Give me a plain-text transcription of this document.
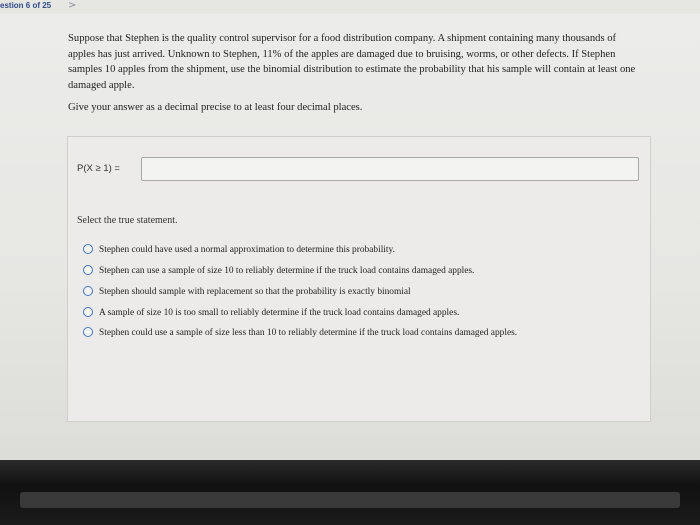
estion 6 of 25 >
Suppose that Stephen is the quality control supervisor for a food distribution company. A shipment containing many thousands of apples has just arrived. Unknown to Stephen, 11% of the apples are damaged due to bruising, worms, or other defects. If Stephen samples 10 apples from the shipment, use the binomial distribution to estimate the probability that his sample will contain at least one damaged apple.
Give your answer as a decimal precise to at least four decimal places.
P(X ≥ 1) =
Select the true statement.
Stephen could have used a normal approximation to determine this probability.
Stephen can use a sample of size 10 to reliably determine if the truck load contains damaged apples.
Stephen should sample with replacement so that the probability is exactly binomial
A sample of size 10 is too small to reliably determine if the truck load contains damaged apples.
Stephen could use a sample of size less than 10 to reliably determine if the truck load contains damaged apples.
